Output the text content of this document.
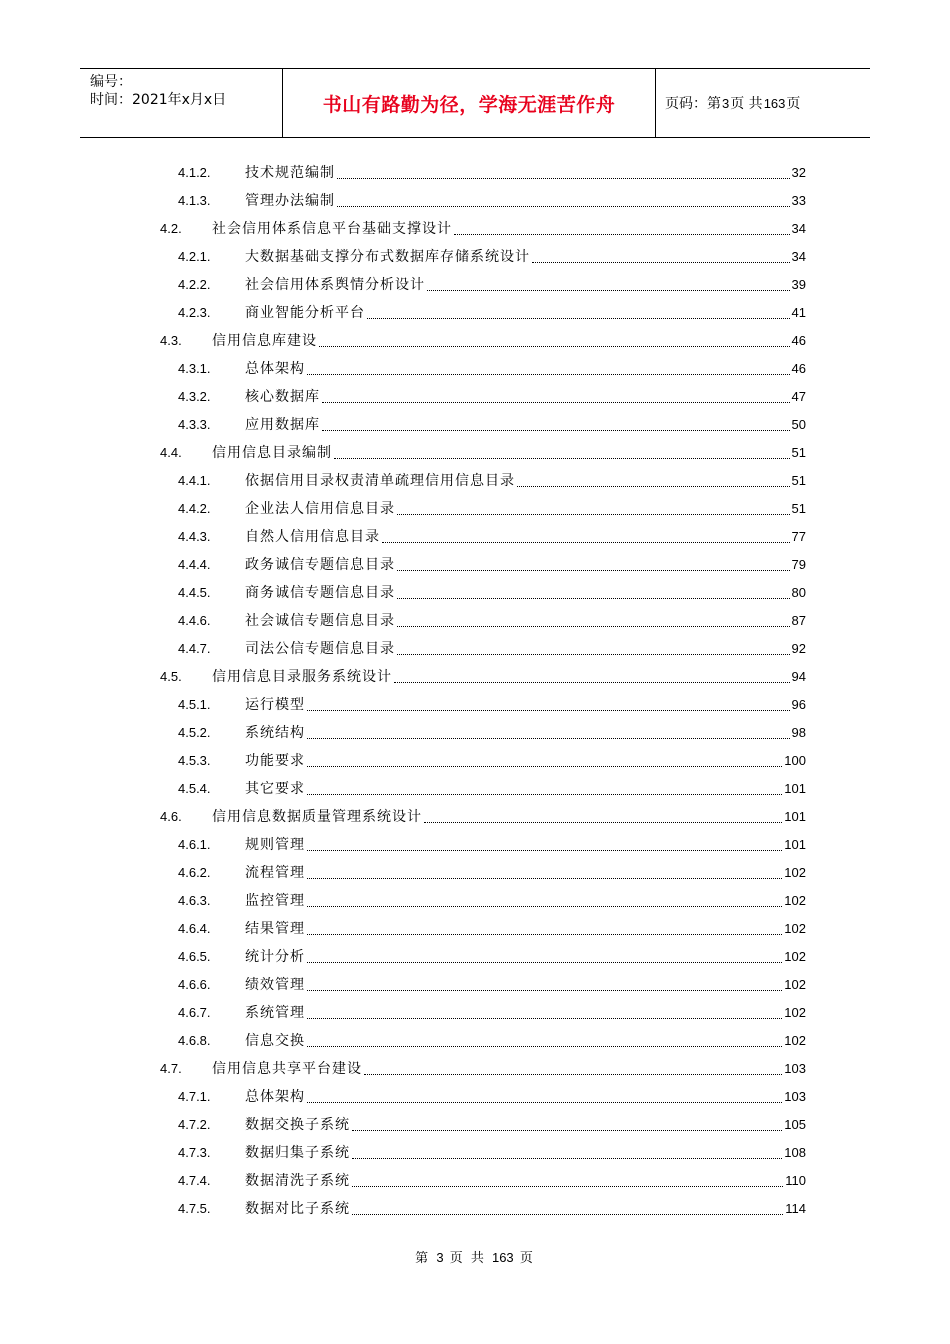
编号：
时间：2021年x月x日	书山有路勤为径，学海无涯苦作舟	页码：第 3 页 共 163 页
4.1.2.	技术规范编制	32
4.1.3.	管理办法编制	33
4.2.	社会信用体系信息平台基础支撑设计	34
4.2.1.	大数据基础支撑分布式数据库存储系统设计	34
4.2.2.	社会信用体系舆情分析设计	39
4.2.3.	商业智能分析平台	41
4.3.	信用信息库建设	46
4.3.1.	总体架构	46
4.3.2.	核心数据库	47
4.3.3.	应用数据库	50
4.4.	信用信息目录编制	51
4.4.1.	依据信用目录权责清单疏理信用信息目录	51
4.4.2.	企业法人信用信息目录	51
4.4.3.	自然人信用信息目录	77
4.4.4.	政务诚信专题信息目录	79
4.4.5.	商务诚信专题信息目录	80
4.4.6.	社会诚信专题信息目录	87
4.4.7.	司法公信专题信息目录	92
4.5.	信用信息目录服务系统设计	94
4.5.1.	运行模型	96
4.5.2.	系统结构	98
4.5.3.	功能要求	100
4.5.4.	其它要求	101
4.6.	信用信息数据质量管理系统设计	101
4.6.1.	规则管理	101
4.6.2.	流程管理	102
4.6.3.	监控管理	102
4.6.4.	结果管理	102
4.6.5.	统计分析	102
4.6.6.	绩效管理	102
4.6.7.	系统管理	102
4.6.8.	信息交换	102
4.7.	信用信息共享平台建设	103
4.7.1.	总体架构	103
4.7.2.	数据交换子系统	105
4.7.3.	数据归集子系统	108
4.7.4.	数据清洗子系统	110
4.7.5.	数据对比子系统	114
第 3 页 共 163 页
